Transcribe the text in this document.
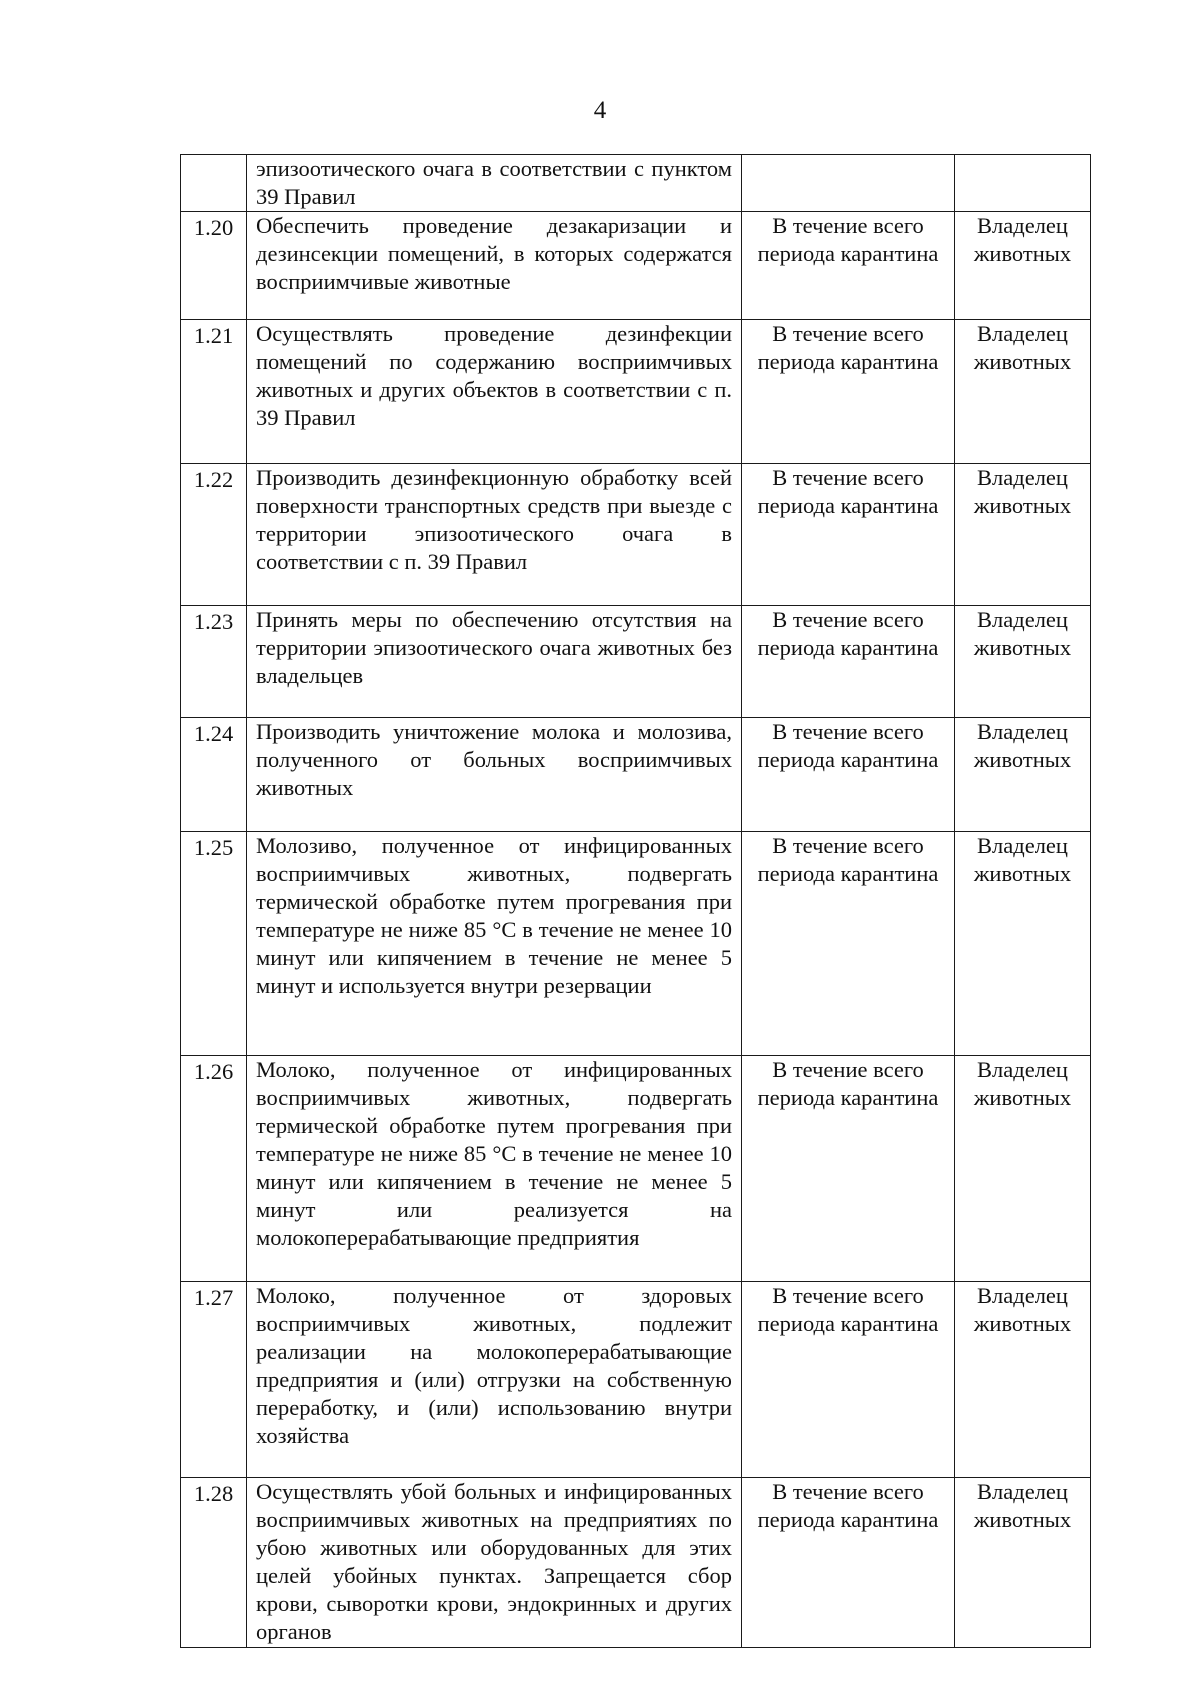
4
	эпизоотического очага в соответствии с пунктом 39 Правил		
1.20	Обеспечить проведение дезакаризации и дезинсекции помещений, в которых содержатся восприимчивые животные	В течение всего периода карантина	Владелец животных
1.21	Осуществлять проведение дезинфекции помещений по содержанию восприимчивых животных и других объектов в соответствии с п. 39 Правил	В течение всего периода карантина	Владелец животных
1.22	Производить дезинфекционную обработку всей поверхности транспортных средств при выезде с территории эпизоотического очага в соответствии с п. 39 Правил	В течение всего периода карантина	Владелец животных
1.23	Принять меры по обеспечению отсутствия на территории эпизоотического очага животных без владельцев	В течение всего периода карантина	Владелец животных
1.24	Производить уничтожение молока и молозива, полученного от больных восприимчивых животных	В течение всего периода карантина	Владелец животных
1.25	Молозиво, полученное от инфицированных восприимчивых животных, подвергать термической обработке путем прогревания при температуре не ниже 85 °С в течение не менее 10 минут или кипячением в течение не менее 5 минут и используется внутри резервации	В течение всего периода карантина	Владелец животных
1.26	Молоко, полученное от инфицированных восприимчивых животных, подвергать термической обработке путем прогревания при температуре не ниже 85 °С в течение не менее 10 минут или кипячением в течение не менее 5 минут или реализуется на молокоперерабатывающие предприятия	В течение всего периода карантина	Владелец животных
1.27	Молоко, полученное от здоровых восприимчивых животных, подлежит реализации на молокоперерабатывающие предприятия и (или) отгрузки на собственную переработку, и (или) использованию внутри хозяйства	В течение всего периода карантина	Владелец животных
1.28	Осуществлять убой больных и инфицированных восприимчивых животных на предприятиях по убою животных или оборудованных для этих целей убойных пунктах. Запрещается сбор крови, сыворотки крови, эндокринных и других органов	В течение всего периода карантина	Владелец животных
